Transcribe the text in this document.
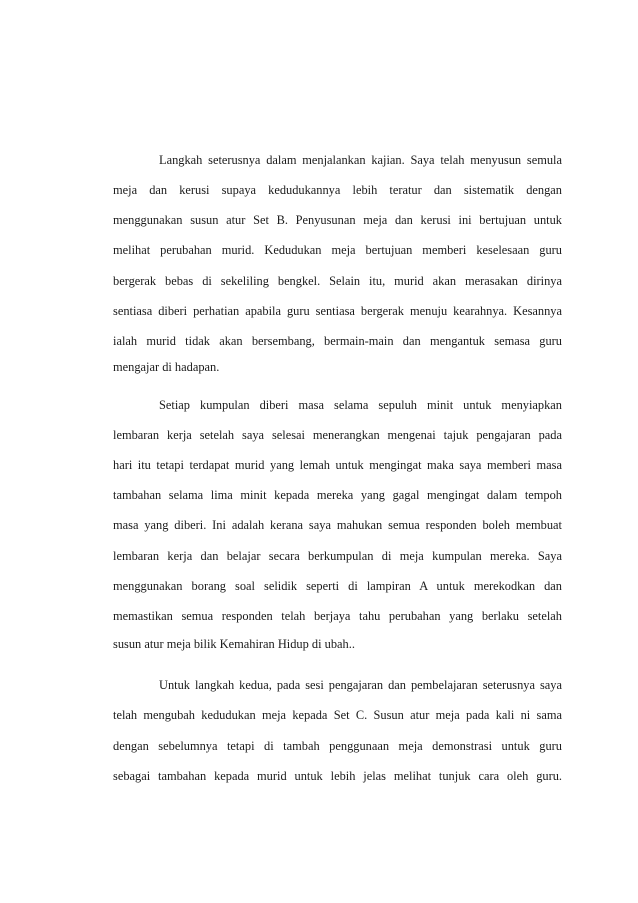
Langkah seterusnya dalam menjalankan kajian. Saya telah menyusun semula
meja dan kerusi supaya kedudukannya lebih teratur dan sistematik dengan
menggunakan susun atur Set B. Penyusunan meja dan kerusi ini bertujuan untuk
melihat perubahan murid. Kedudukan meja bertujuan memberi keselesaan guru
bergerak bebas di sekeliling bengkel. Selain itu, murid akan merasakan dirinya
sentiasa diberi perhatian apabila guru sentiasa bergerak menuju kearahnya. Kesannya
ialah murid tidak akan bersembang, bermain-main dan mengantuk semasa guru
mengajar di hadapan.
Setiap kumpulan diberi masa selama sepuluh minit untuk menyiapkan
lembaran kerja setelah saya selesai menerangkan mengenai tajuk pengajaran pada
hari itu tetapi terdapat murid yang lemah untuk mengingat maka saya memberi masa
tambahan selama lima minit kepada mereka yang gagal mengingat dalam tempoh
masa yang diberi. Ini adalah kerana saya mahukan semua responden boleh membuat
lembaran kerja dan belajar secara berkumpulan di meja kumpulan mereka. Saya
menggunakan borang soal selidik seperti di lampiran A untuk merekodkan dan
memastikan semua responden telah berjaya tahu perubahan yang berlaku setelah
susun atur meja bilik Kemahiran Hidup di ubah..
Untuk langkah kedua, pada sesi pengajaran dan pembelajaran seterusnya saya
telah mengubah kedudukan meja kepada Set C. Susun atur meja pada kali ni sama
dengan sebelumnya tetapi di tambah penggunaan meja demonstrasi untuk guru
sebagai tambahan kepada murid untuk lebih jelas melihat tunjuk cara oleh guru.
